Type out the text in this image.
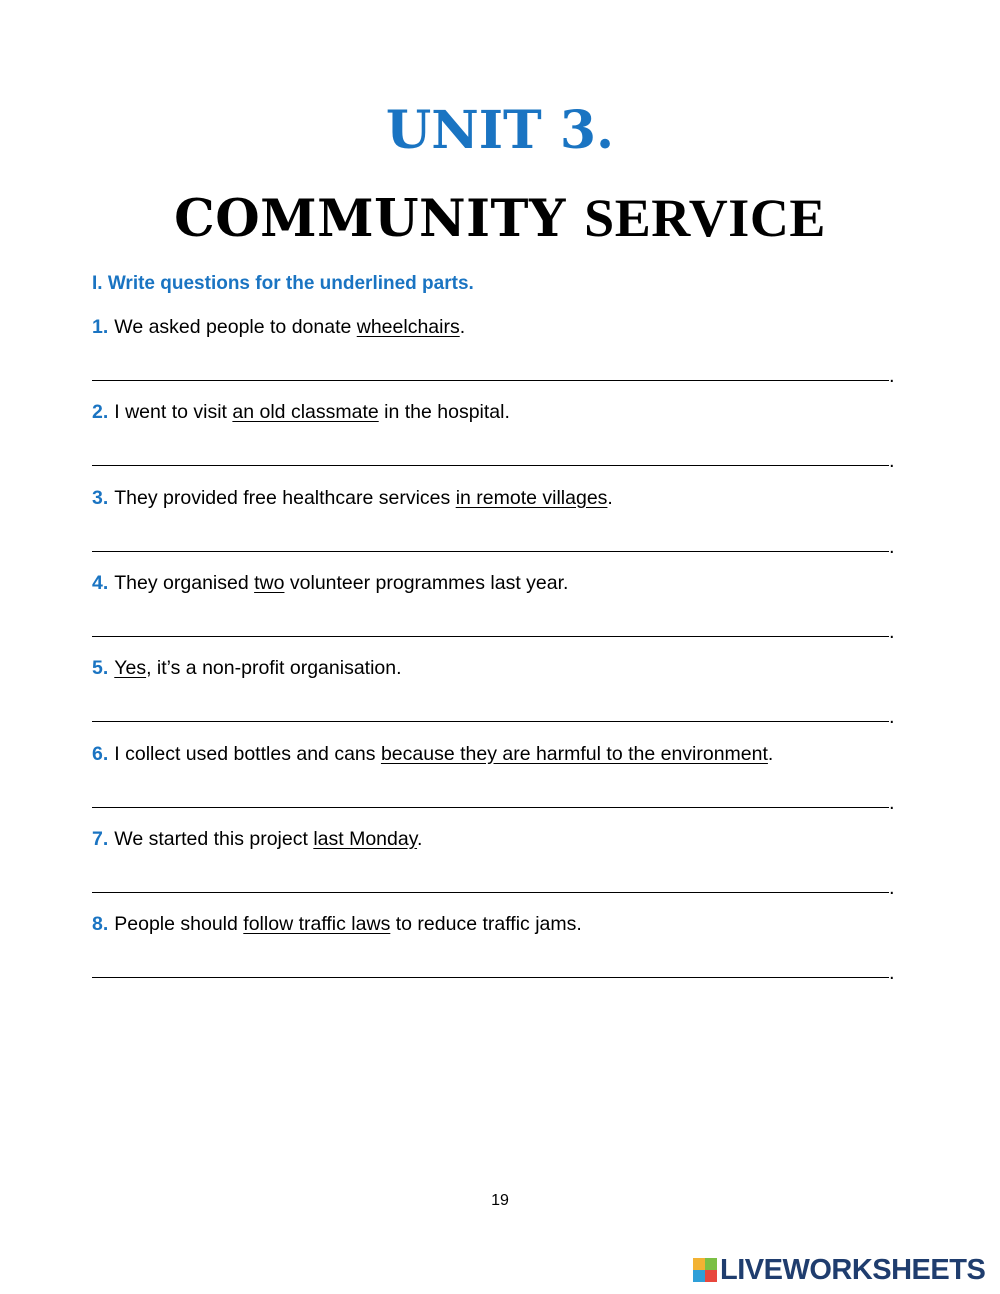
UNIT 3.
COMMUNITY SERVICE
I. Write questions for the underlined parts.
1. We asked people to donate wheelchairs.
.
2. I went to visit an old classmate in the hospital.
.
3. They provided free healthcare services in remote villages.
.
4. They organised two volunteer programmes last year.
.
5. Yes, it’s a non-profit organisation.
.
6. I collect used bottles and cans because they are harmful to the environment.
.
7. We started this project last Monday.
.
8. People should follow traffic laws to reduce traffic jams.
.
19
LIVEWORKSHEETS
